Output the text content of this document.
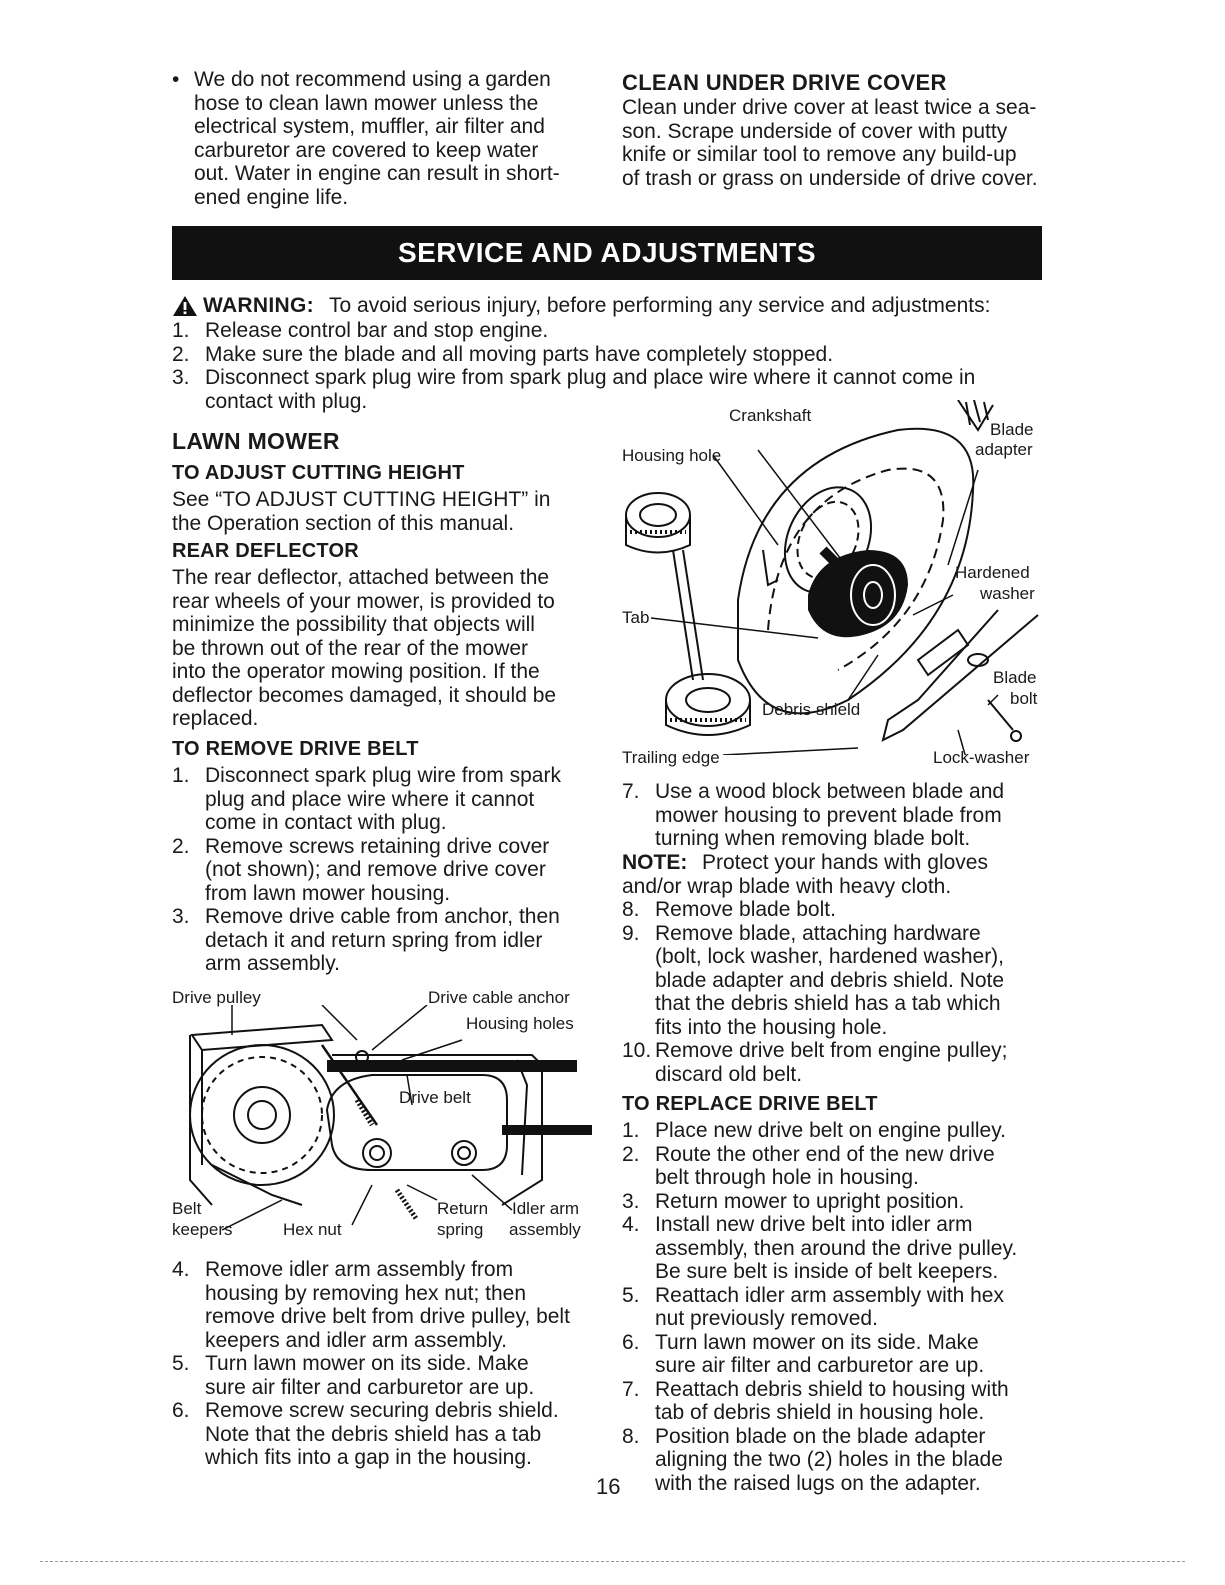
• We do not recommend using a garden
hose to clean lawn mower unless the
electrical system, muffler, air filter and
carburetor are covered to keep water
out. Water in engine can result in short-
ened engine life.
CLEAN UNDER DRIVE COVER
Clean under drive cover at least twice a sea-
son. Scrape underside of cover with putty
knife or similar tool to remove any build-up
of trash or grass on underside of drive cover.
SERVICE AND ADJUSTMENTS
WARNING: To avoid serious injury, before performing any service and adjustments:
1. Release control bar and stop engine.
2. Make sure the blade and all moving parts have completely stopped.
3. Disconnect spark plug wire from spark plug and place wire where it cannot come in
contact with plug.
LAWN MOWER
TO ADJUST CUTTING HEIGHT
See “TO ADJUST CUTTING HEIGHT” in
the Operation section of this manual.
REAR DEFLECTOR
The rear deflector, attached between the
rear wheels of your mower, is provided to
minimize the possibility that objects will
be thrown out of the rear of the mower
into the operator mowing position. If the
deflector becomes damaged, it should be
replaced.
TO REMOVE DRIVE BELT
1. Disconnect spark plug wire from spark
plug and place wire where it cannot
come in contact with plug.
2. Remove screws retaining drive cover
(not shown); and remove drive cover
from lawn mower housing.
3. Remove drive cable from anchor, then
detach it and return spring from idler
arm assembly.
Drive pulley	Drive cable anchor
Housing holes
Drive belt
Belt
keepers	Hex nut
Return
spring
Idler arm
assembly
4. Remove idler arm assembly from
housing by removing hex nut; then
remove drive belt from drive pulley, belt
keepers and idler arm assembly.
5. Turn lawn mower on its side. Make
sure air filter and carburetor are up.
6. Remove screw securing debris shield.
Note that the debris shield has a tab
which fits into a gap in the housing.
Crankshaft
Blade
adapter
Housing hole
Hardened
washer
Tab
Blade
bolt
Debris shield
Trailing edge	Lock-washer
7. Use a wood block between blade and
mower housing to prevent blade from
turning when removing blade bolt.
NOTE: Protect your hands with gloves
and/or wrap blade with heavy cloth.
8. Remove blade bolt.
9. Remove blade, attaching hardware
(bolt, lock washer, hardened washer),
blade adapter and debris shield. Note
that the debris shield has a tab which
fits into the housing hole.
10. Remove drive belt from engine pulley;
discard old belt.
TO REPLACE DRIVE BELT
1. Place new drive belt on engine pulley.
2. Route the other end of the new drive
belt through hole in housing.
3. Return mower to upright position.
4. Install new drive belt into idler arm
assembly, then around the drive pulley.
Be sure belt is inside of belt keepers.
5. Reattach idler arm assembly with hex
nut previously removed.
6. Turn lawn mower on its side. Make
sure air filter and carburetor are up.
7. Reattach debris shield to housing with
tab of debris shield in housing hole.
8. Position blade on the blade adapter
aligning the two (2) holes in the blade
with the raised lugs on the adapter.
16
